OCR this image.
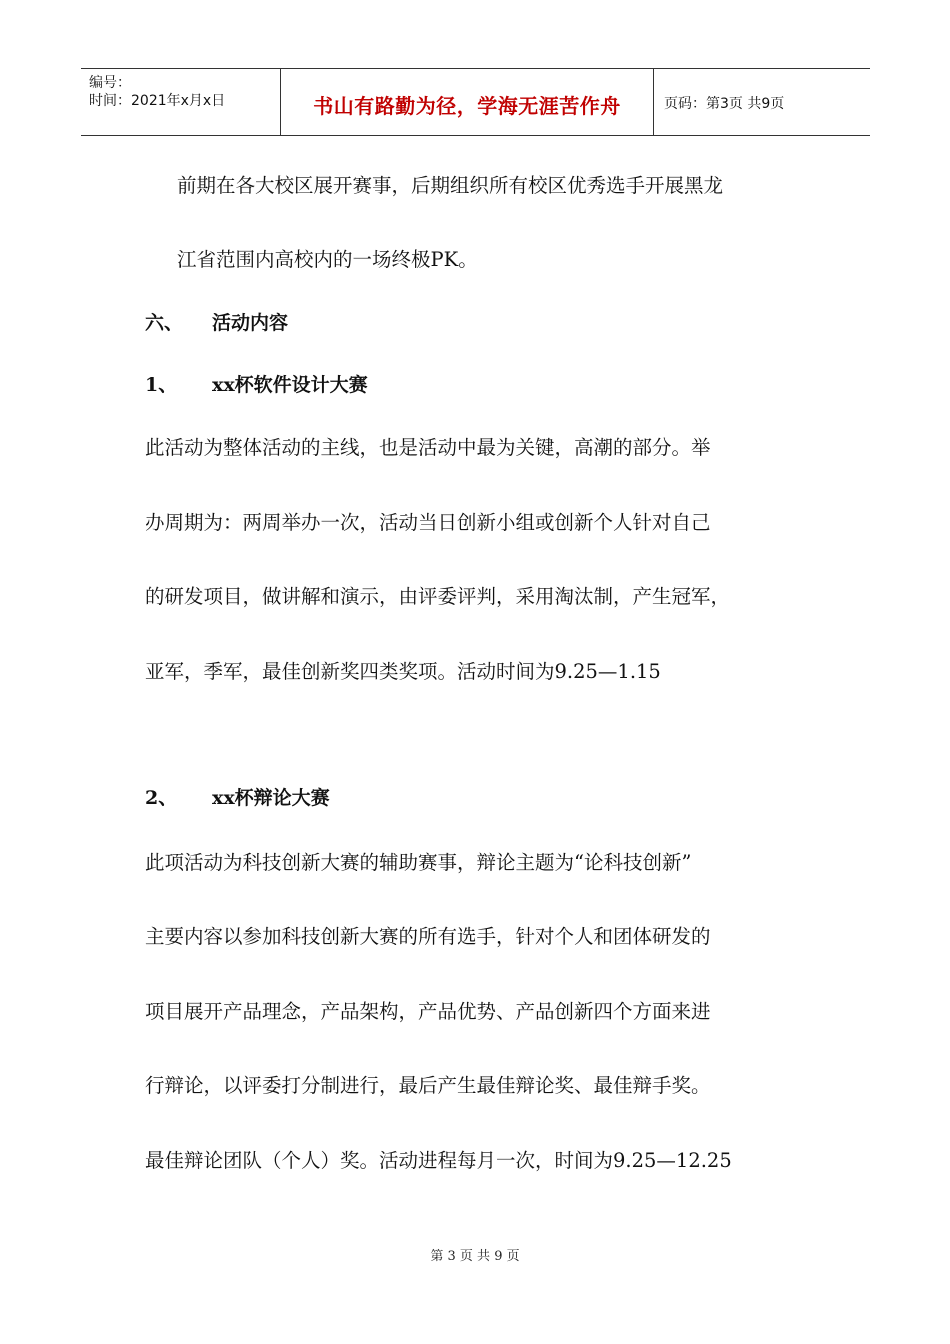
编号：
时间：2021年x月x日	书山有路勤为径，学海无涯苦作舟	页码：第3页 共9页
前期在各大校区展开赛事，后期组织所有校区优秀选手开展黑龙
江省范围内高校内的一场终极PK。
六、 活动内容
1、 xx杯软件设计大赛
此活动为整体活动的主线，也是活动中最为关键，高潮的部分。举
办周期为：两周举办一次，活动当日创新小组或创新个人针对自己
的研发项目，做讲解和演示，由评委评判，采用淘汰制，产生冠军，
亚军，季军，最佳创新奖四类奖项。活动时间为9.25—1.15
2、 xx杯辩论大赛
此项活动为科技创新大赛的辅助赛事，辩论主题为“论科技创新”
主要内容以参加科技创新大赛的所有选手，针对个人和团体研发的
项目展开产品理念，产品架构，产品优势、产品创新四个方面来进
行辩论，以评委打分制进行，最后产生最佳辩论奖、最佳辩手奖。
最佳辩论团队（个人）奖。活动进程每月一次，时间为9.25—12.25
第 3 页 共 9 页
